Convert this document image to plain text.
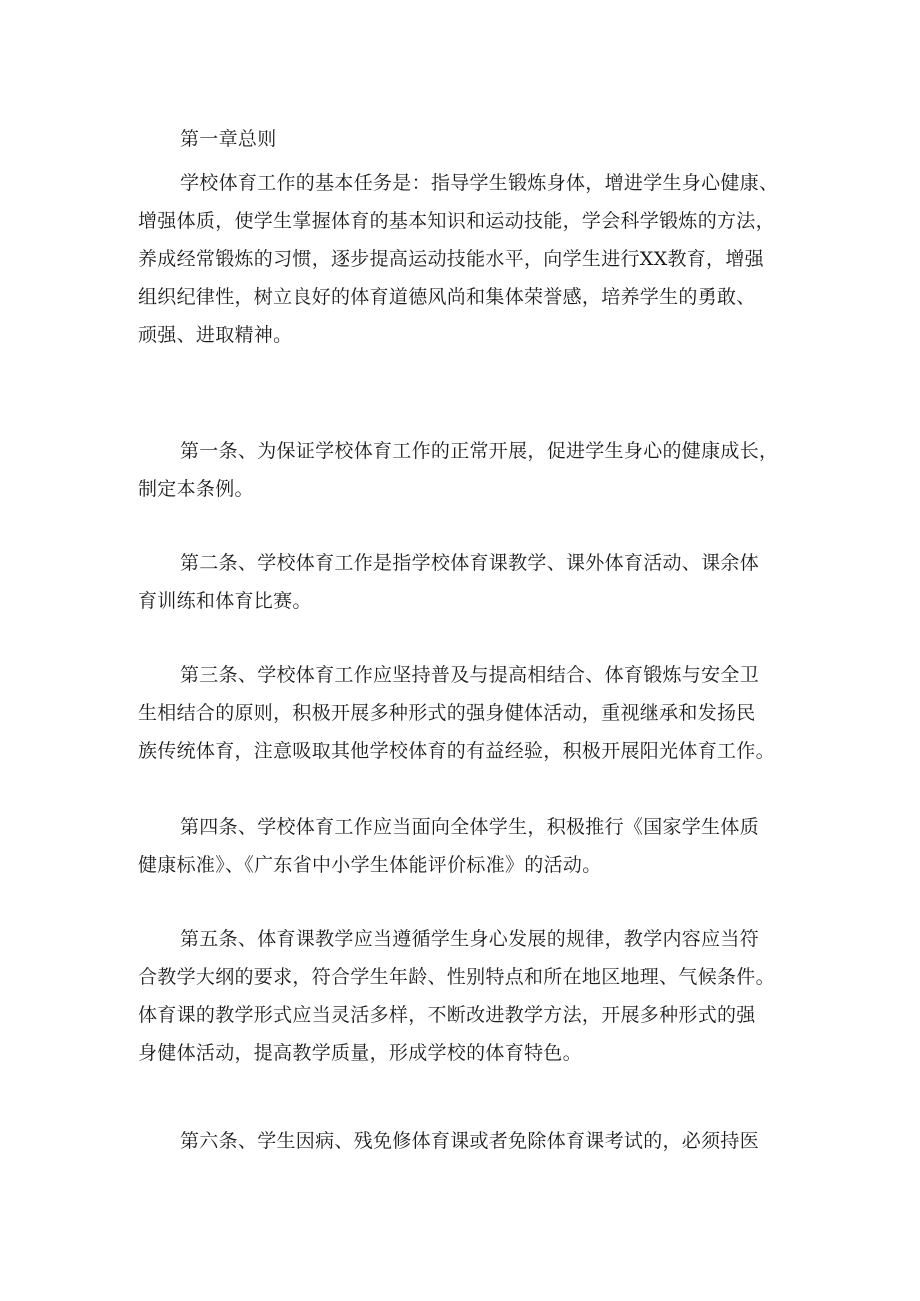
第一章总则

学校体育工作的基本任务是：指导学生锻炼身体，增进学生身心健康、
增强体质，使学生掌握体育的基本知识和运动技能，学会科学锻炼的方法，
养成经常锻炼的习惯，逐步提高运动技能水平，向学生进行XX教育，增强
组织纪律性，树立良好的体育道德风尚和集体荣誉感，培养学生的勇敢、
顽强、进取精神。
第一条、为保证学校体育工作的正常开展，促进学生身心的健康成长，
制定本条例。
第二条、学校体育工作是指学校体育课教学、课外体育活动、课余体
育训练和体育比赛。
第三条、学校体育工作应坚持普及与提高相结合、体育锻炼与安全卫
生相结合的原则，积极开展多种形式的强身健体活动，重视继承和发扬民
族传统体育，注意吸取其他学校体育的有益经验，积极开展阳光体育工作。
第四条、学校体育工作应当面向全体学生，积极推行《国家学生体质
健康标准》、《广东省中小学生体能评价标准》的活动。
第五条、体育课教学应当遵循学生身心发展的规律，教学内容应当符
合教学大纲的要求，符合学生年龄、性别特点和所在地区地理、气候条件。
体育课的教学形式应当灵活多样，不断改进教学方法，开展多种形式的强
身健体活动，提高教学质量，形成学校的体育特色。
第六条、学生因病、残免修体育课或者免除体育课考试的，必须持医
